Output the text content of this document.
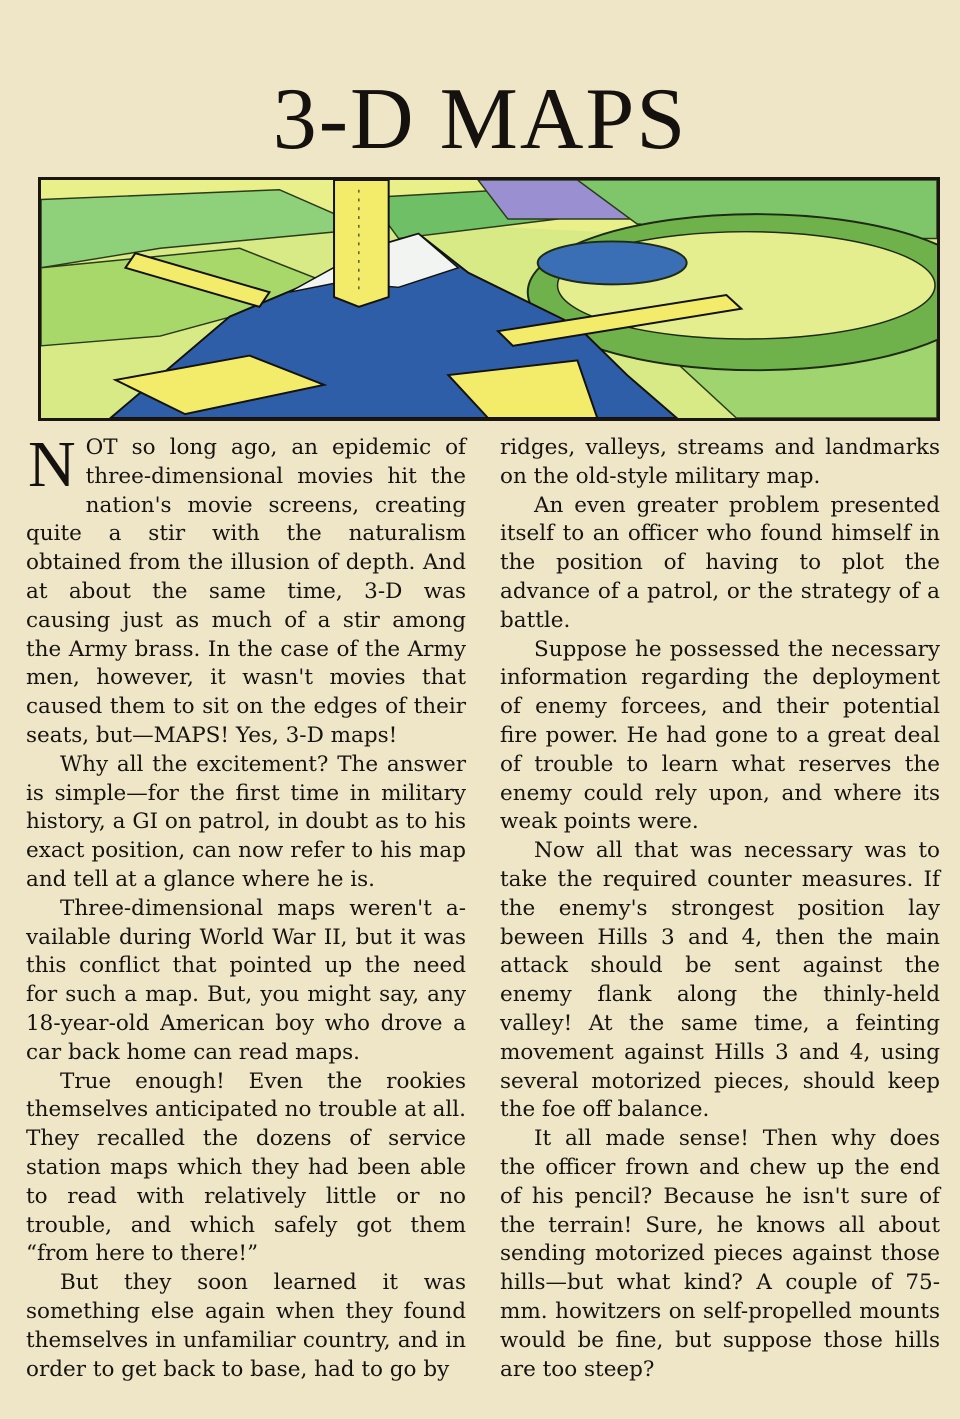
3-D MAPS

NOT so long ago, an epidemic of three-dimensional movies hit the nation's movie screens, creating quite a stir with the naturalism obtained from the illusion of depth. And at about the same time, 3-D was causing just as much of a stir among the Army brass. In the case of the Army men, however, it wasn't movies that caused them to sit on the edges of their seats, but—MAPS! Yes, 3-D maps!

Why all the excitement? The answer is simple—for the first time in military history, a GI on patrol, in doubt as to his exact position, can now refer to his map and tell at a glance where he is.

Three-dimensional maps weren't a-vailable during World War II, but it was this conflict that pointed up the need for such a map. But, you might say, any 18-year-old American boy who drove a car back home can read maps.

True enough! Even the rookies themselves anticipated no trouble at all. They recalled the dozens of service station maps which they had been able to read with relatively little or no trouble, and which safely got them “from here to there!”

But they soon learned it was something else again when they found themselves in unfamiliar country, and in order to get back to base, had to go by

ridges, valleys, streams and landmarks on the old-style military map.

An even greater problem presented itself to an officer who found himself in the position of having to plot the advance of a patrol, or the strategy of a battle.

Suppose he possessed the necessary information regarding the deployment of enemy forcees, and their potential fire power. He had gone to a great deal of trouble to learn what reserves the enemy could rely upon, and where its weak points were.

Now all that was necessary was to take the required counter measures. If the enemy's strongest position lay beween Hills 3 and 4, then the main attack should be sent against the enemy flank along the thinly-held valley! At the same time, a feinting movement against Hills 3 and 4, using several motorized pieces, should keep the foe off balance.

It all made sense! Then why does the officer frown and chew up the end of his pencil? Because he isn't sure of the terrain! Sure, he knows all about sending motorized pieces against those hills—but what kind? A couple of 75-mm. howitzers on self-propelled mounts would be fine, but suppose those hills are too steep?
